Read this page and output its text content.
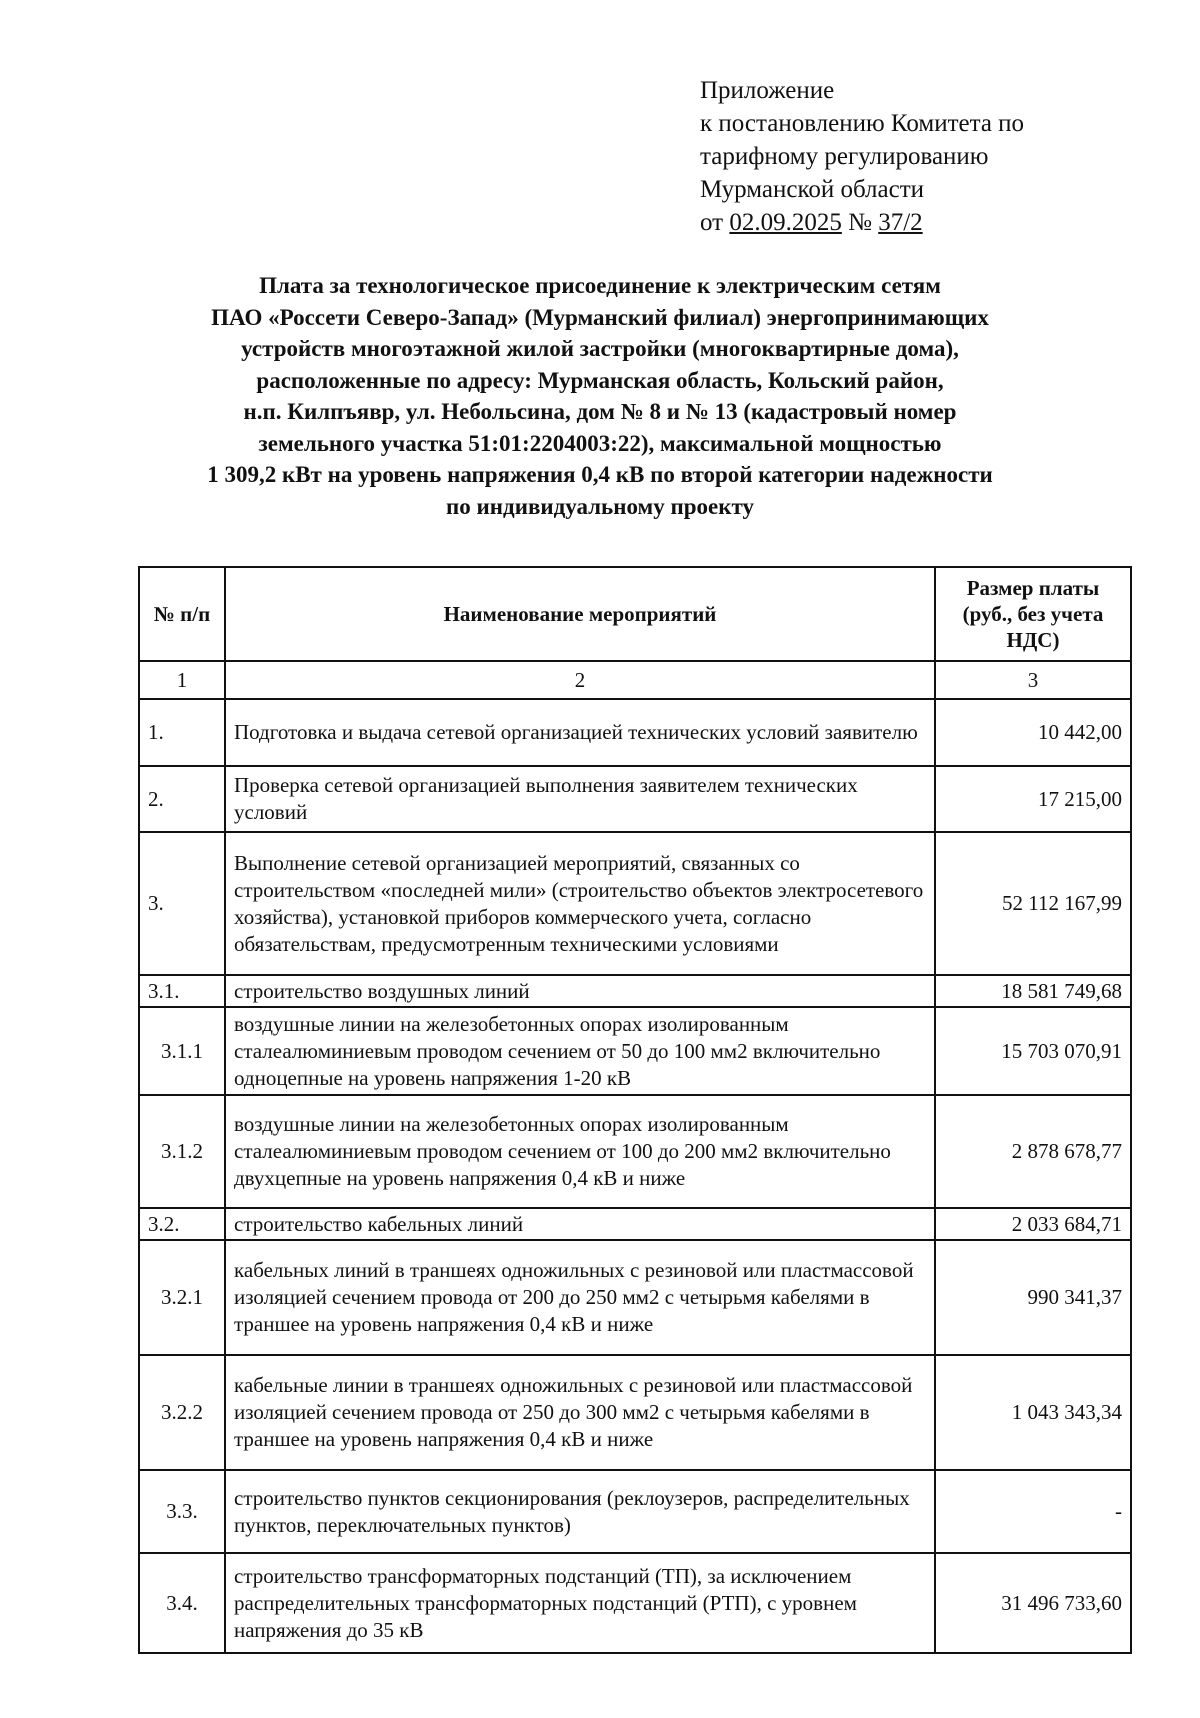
Приложение
к постановлению Комитета по
тарифному регулированию
Мурманской области
от 02.09.2025 № 37/2
Плата за технологическое присоединение к электрическим сетям
ПАО «Россети Северо-Запад» (Мурманский филиал) энергопринимающих
устройств многоэтажной жилой застройки (многоквартирные дома),
расположенные по адресу: Мурманская область, Кольский район,
н.п. Килпъявр, ул. Небольсина, дом № 8 и № 13 (кадастровый номер
земельного участка 51:01:2204003:22), максимальной мощностью
1 309,2 кВт на уровень напряжения 0,4 кВ по второй категории надежности
по индивидуальному проекту
№ п/п	Наименование мероприятий	Размер платы (руб., без учета НДС)
1	2	3
1.	Подготовка и выдача сетевой организацией технических условий заявителю	10 442,00
2.	Проверка сетевой организацией выполнения заявителем технических условий	17 215,00
3.	Выполнение сетевой организацией мероприятий, связанных со строительством «последней мили» (строительство объектов электросетевого хозяйства), установкой приборов коммерческого учета, согласно обязательствам, предусмотренным техническими условиями	52 112 167,99
3.1.	строительство воздушных линий	18 581 749,68
3.1.1	воздушные линии на железобетонных опорах изолированным сталеалюминиевым проводом сечением от 50 до 100 мм2 включительно одноцепные на уровень напряжения 1-20 кВ	15 703 070,91
3.1.2	воздушные линии на железобетонных опорах изолированным сталеалюминиевым проводом сечением от 100 до 200 мм2 включительно двухцепные на уровень напряжения 0,4 кВ и ниже	2 878 678,77
3.2.	строительство кабельных линий	2 033 684,71
3.2.1	кабельных линий в траншеях одножильных с резиновой или пластмассовой изоляцией сечением провода от 200 до 250 мм2 с четырьмя кабелями в траншее на уровень напряжения 0,4 кВ и ниже	990 341,37
3.2.2	кабельные линии в траншеях одножильных с резиновой или пластмассовой изоляцией сечением провода от 250 до 300 мм2 с четырьмя кабелями в траншее на уровень напряжения 0,4 кВ и ниже	1 043 343,34
3.3.	строительство пунктов секционирования (реклоузеров, распределительных пунктов, переключательных пунктов)	-
3.4.	строительство трансформаторных подстанций (ТП), за исключением распределительных трансформаторных подстанций (РТП), с уровнем напряжения до 35 кВ	31 496 733,60
